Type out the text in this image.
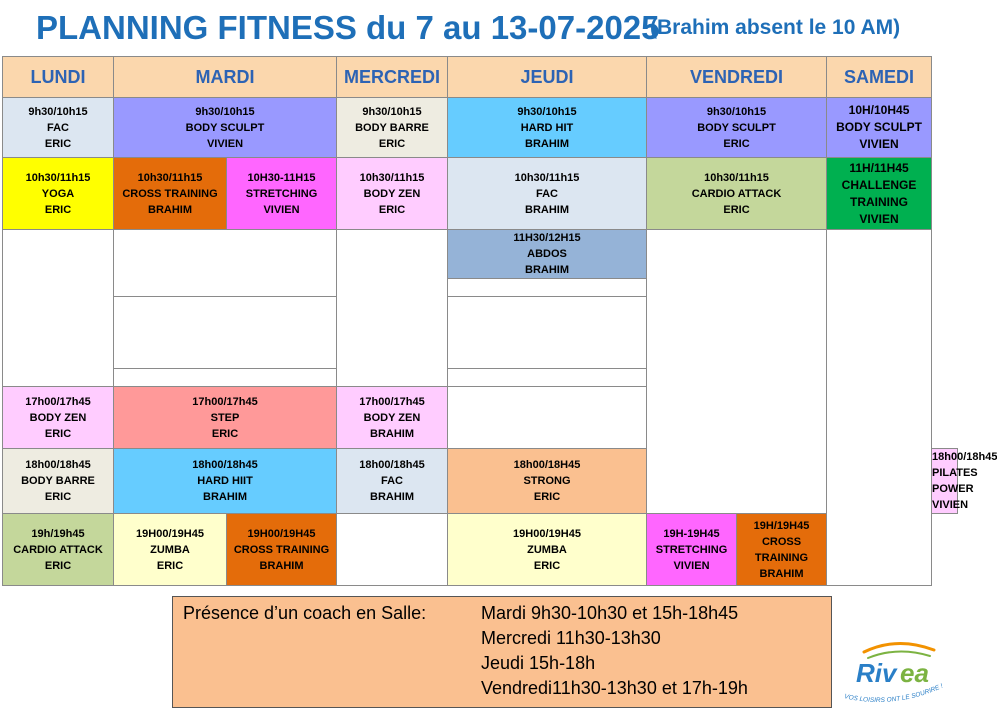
PLANNING FITNESS du 7 au 13-07-2025
(Brahim absent le 10 AM)
LUNDI	MARDI		MERCREDI	JEUDI	VENDREDI		SAMEDI	

9h30/10h15
FAC
ERIC	9h30/10h15
BODY SCULPT
VIVIEN		9h30/10h15
BODY BARRE
ERIC	9h30/10h15
HARD HIT
BRAHIM	9h30/10h15
BODY SCULPT
ERIC		10H/10H45
BODY SCULPT
VIVIEN	

10h30/11h15
YOGA
ERIC	10h30/11h15
CROSS TRAINING
BRAHIM	10H30-11H15
STRETCHING
VIVIEN	10h30/11h15
BODY ZEN
ERIC	10h30/11h15
FAC
BRAHIM	10h30/11h15
CARDIO ATTACK
ERIC		11H/11H45
CHALLENGE
TRAINING
VIVIEN	

				11H30/12H15
ABDOS
BRAHIM				

17h00/17h45
BODY ZEN
ERIC	17h00/17h45
STEP
ERIC		17h00/17h45
BODY ZEN
BRAHIM					

18h00/18h45
BODY BARRE
ERIC	18h00/18h45
HARD HIIT
BRAHIM		18h00/18h45
FAC
BRAHIM	18h00/18H45
STRONG
ERIC				18h00/18h45
PILATES POWER
VIVIEN

19h/19h45
CARDIO ATTACK
ERIC	19H00/19H45
ZUMBA
ERIC	19H00/19H45
CROSS TRAINING
BRAHIM		19H00/19H45
ZUMBA
ERIC	19H-19H45
STRETCHING
VIVIEN	19H/19H45
CROSS TRAINING
BRAHIM		
Présence d’un coach en Salle:	Mardi 9h30-10h30 et 15h-18h45
Mercredi 11h30-13h30
Jeudi 15h-18h
Vendredi11h30-13h30 et 17h-19h	Riv ea
VOS LOISIRS ONT LE SOURIRE !
